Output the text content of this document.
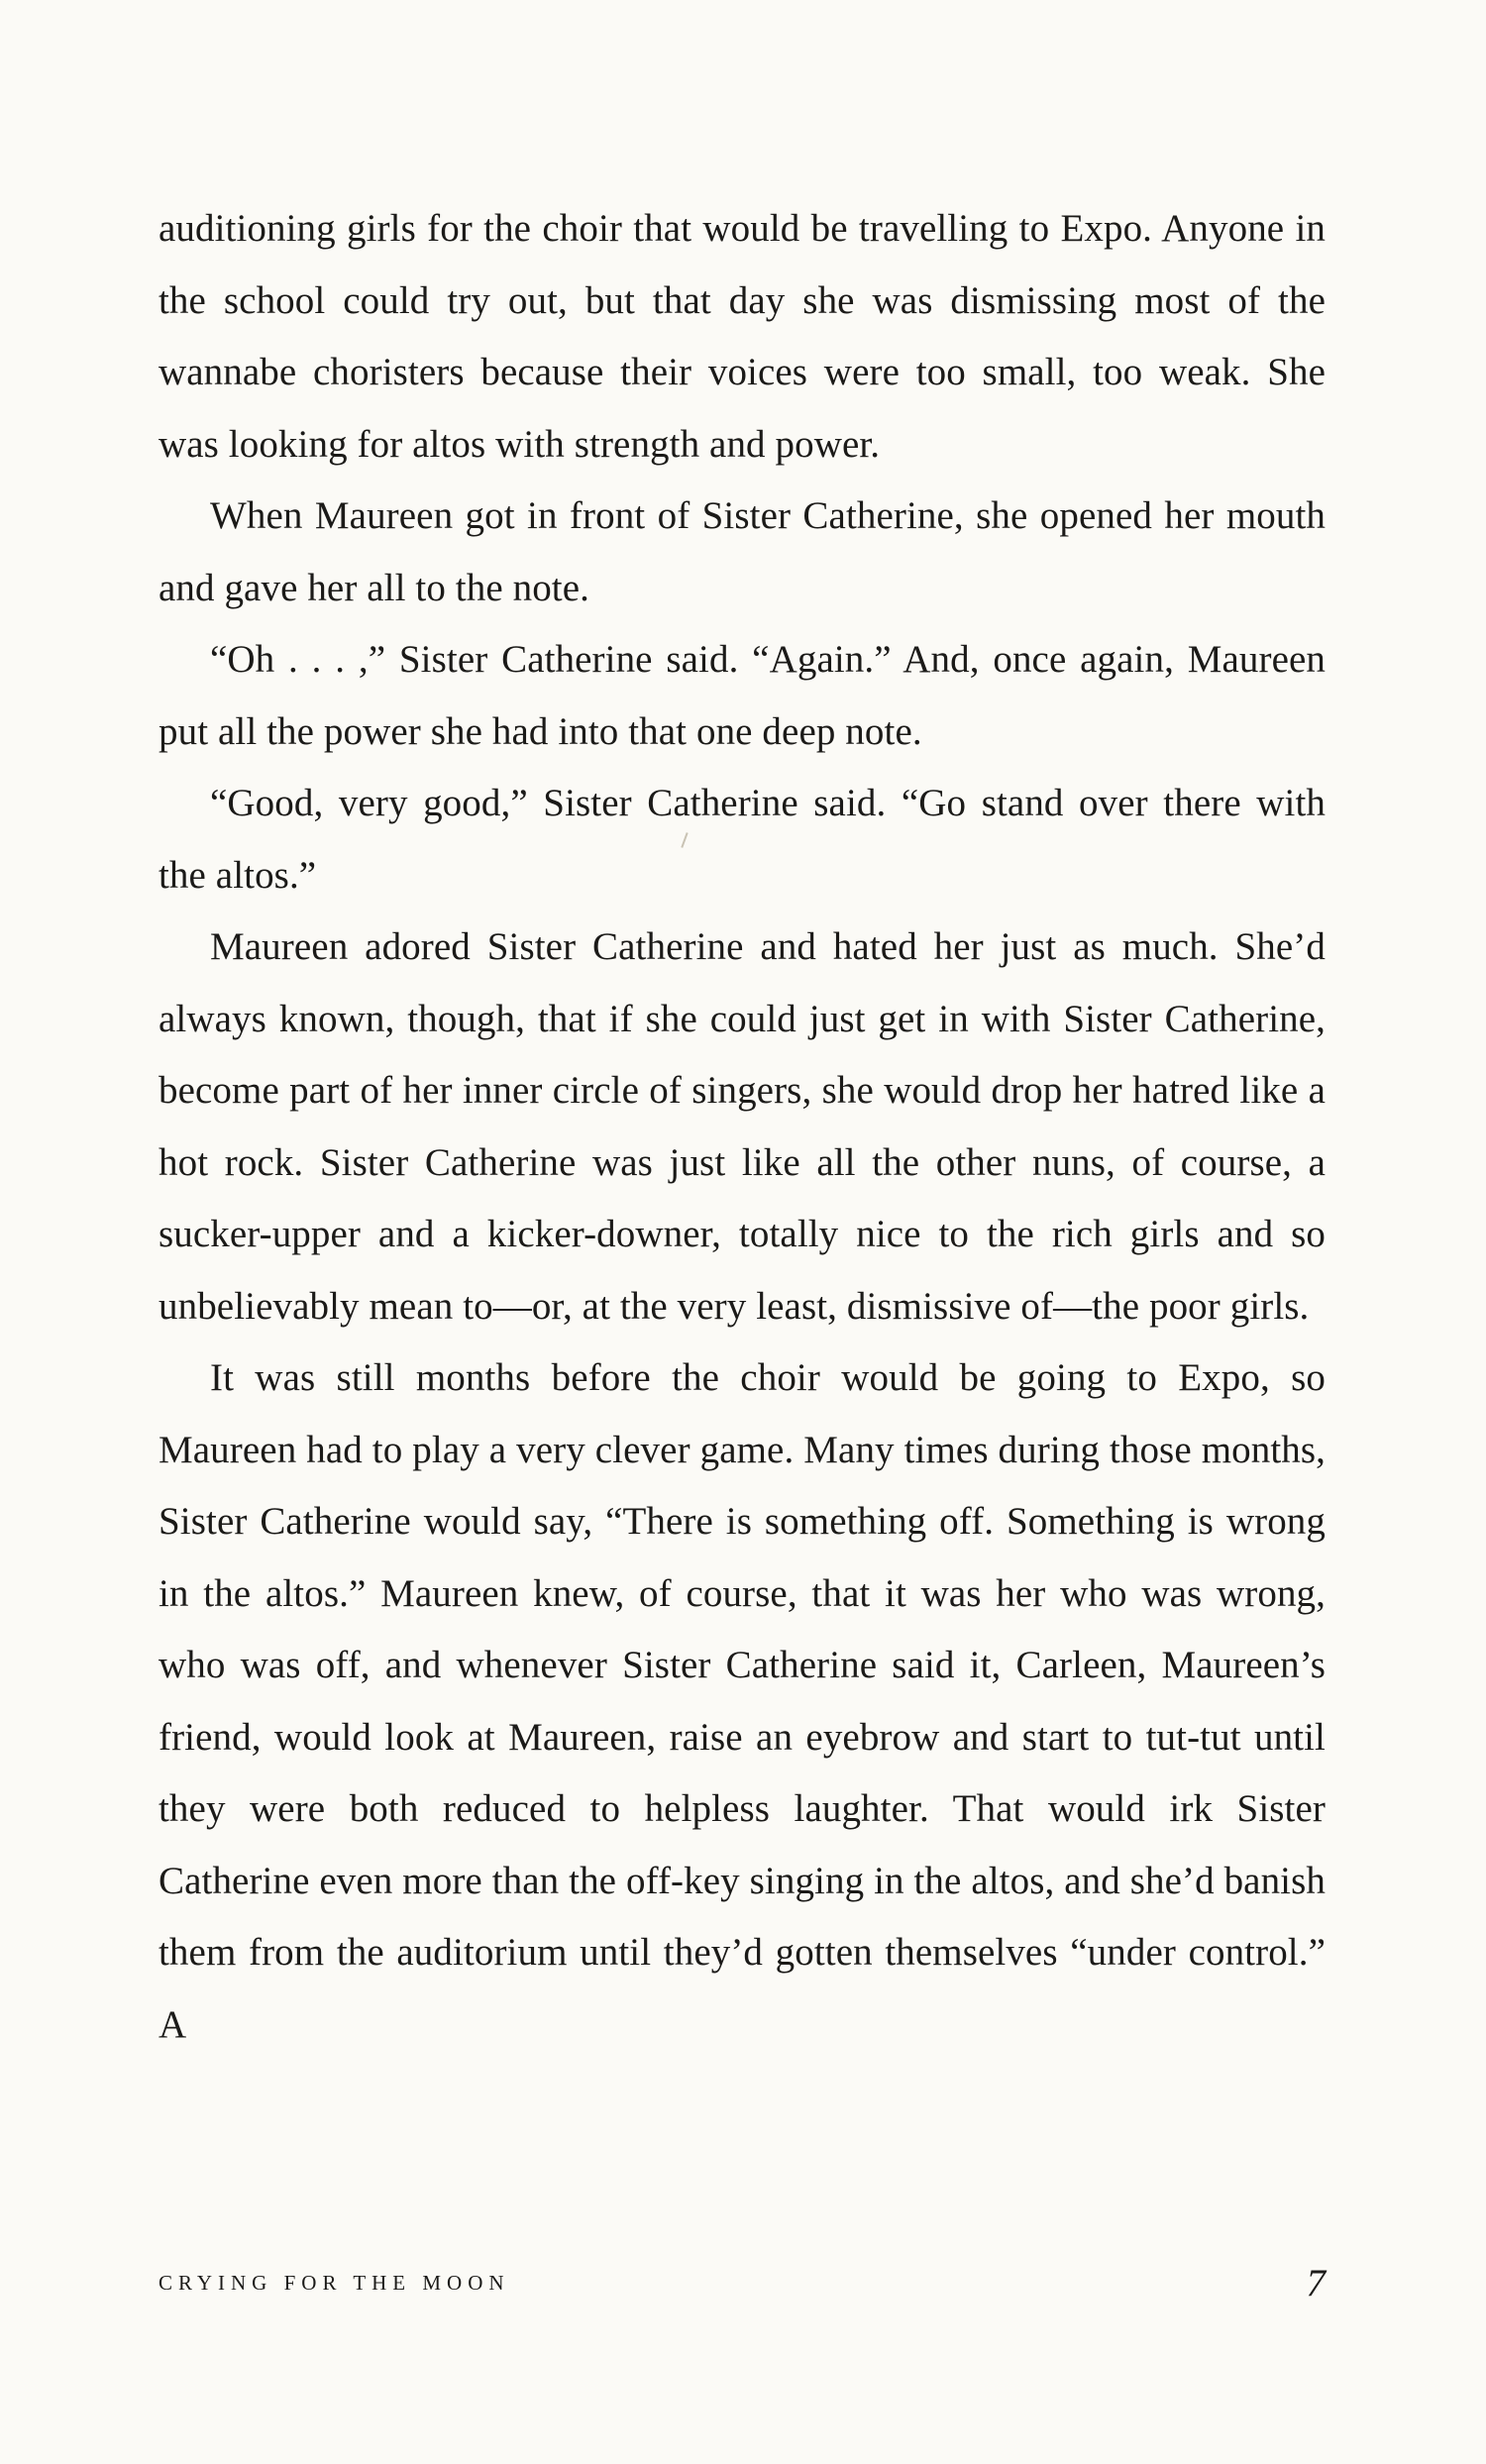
auditioning girls for the choir that would be travelling to Expo. Anyone in the school could try out, but that day she was dismissing most of the wannabe choristers because their voices were too small, too weak. She was looking for altos with strength and power.

When Maureen got in front of Sister Catherine, she opened her mouth and gave her all to the note.

“Oh . . . ,” Sister Catherine said. “Again.” And, once again, Maureen put all the power she had into that one deep note.

“Good, very good,” Sister Catherine said. “Go stand over there with the altos.”

Maureen adored Sister Catherine and hated her just as much. She’d always known, though, that if she could just get in with Sister Catherine, become part of her inner circle of singers, she would drop her hatred like a hot rock. Sister Catherine was just like all the other nuns, of course, a sucker-upper and a kicker-downer, totally nice to the rich girls and so unbelievably mean to—or, at the very least, dismissive of—the poor girls.

It was still months before the choir would be going to Expo, so Maureen had to play a very clever game. Many times during those months, Sister Catherine would say, “There is something off. Something is wrong in the altos.” Maureen knew, of course, that it was her who was wrong, who was off, and whenever Sister Catherine said it, Carleen, Maureen’s friend, would look at Maureen, raise an eyebrow and start to tut-tut until they were both reduced to helpless laughter. That would irk Sister Catherine even more than the off-key singing in the altos, and she’d banish them from the auditorium until they’d gotten themselves “under control.” A

CRYING FOR THE MOON	7
